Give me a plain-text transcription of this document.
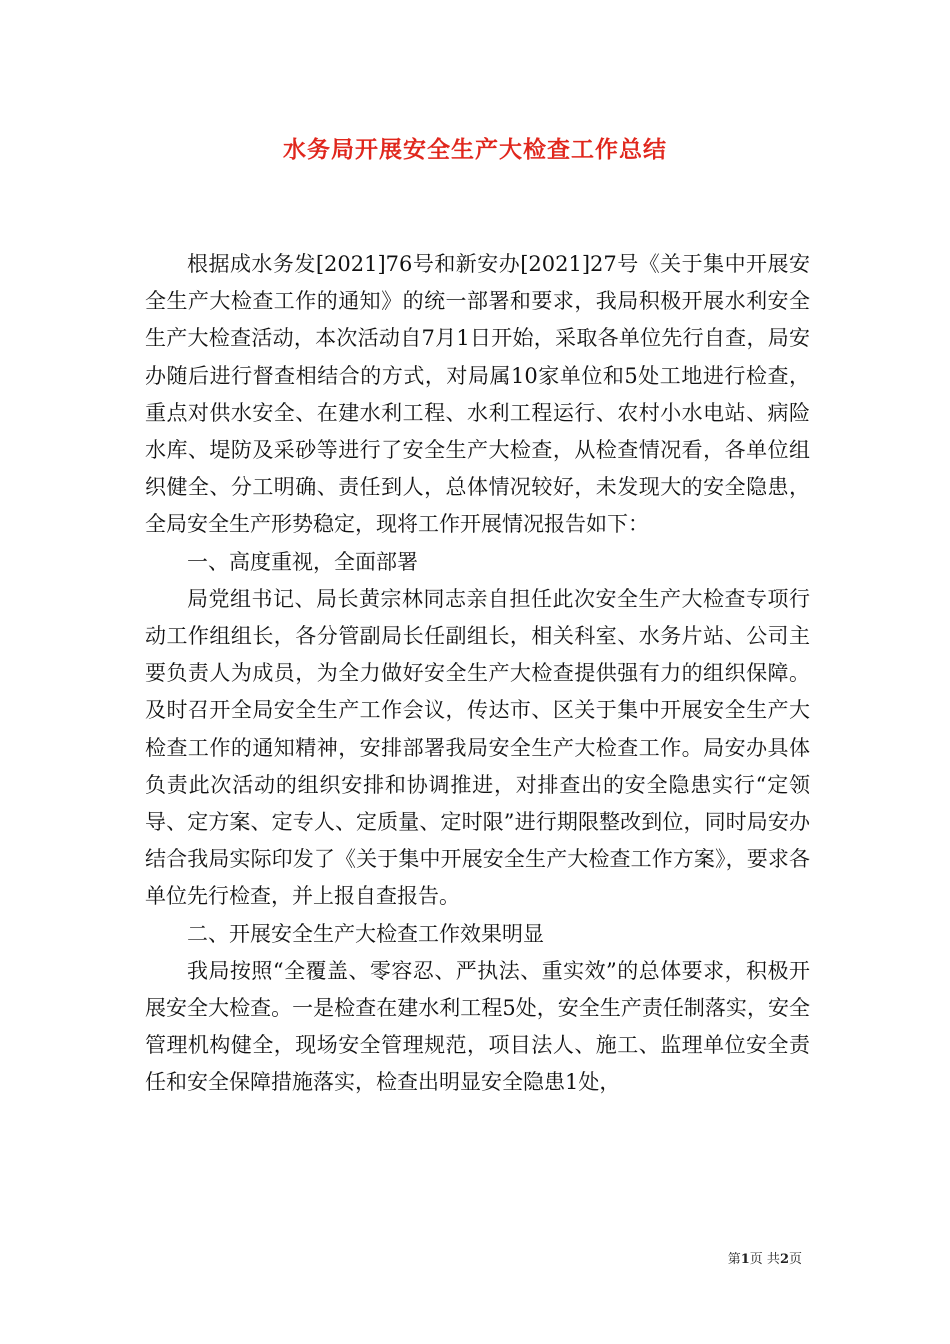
水务局开展安全生产大检查工作总结

根据成水务发[2021]76号和新安办[2021]27号《关于集中开展安全生产大检查工作的通知》的统一部署和要求，我局积极开展水利安全生产大检查活动，本次活动自7月1日开始，采取各单位先行自查，局安办随后进行督查相结合的方式，对局属10家单位和5处工地进行检查，重点对供水安全、在建水利工程、水利工程运行、农村小水电站、病险水库、堤防及采砂等进行了安全生产大检查，从检查情况看，各单位组织健全、分工明确、责任到人，总体情况较好，未发现大的安全隐患，全局安全生产形势稳定，现将工作开展情况报告如下：

一、高度重视，全面部署

局党组书记、局长黄宗林同志亲自担任此次安全生产大检查专项行动工作组组长，各分管副局长任副组长，相关科室、水务片站、公司主要负责人为成员，为全力做好安全生产大检查提供强有力的组织保障。及时召开全局安全生产工作会议，传达市、区关于集中开展安全生产大检查工作的通知精神，安排部署我局安全生产大检查工作。局安办具体负责此次活动的组织安排和协调推进，对排查出的安全隐患实行“定领导、定方案、定专人、定质量、定时限”进行期限整改到位，同时局安办结合我局实际印发了《关于集中开展安全生产大检查工作方案》，要求各单位先行检查，并上报自查报告。

二、开展安全生产大检查工作效果明显

我局按照“全覆盖、零容忍、严执法、重实效”的总体要求，积极开展安全大检查。一是检查在建水利工程5处，安全生产责任制落实，安全管理机构健全，现场安全管理规范，项目法人、施工、监理单位安全责任和安全保障措施落实，检查出明显安全隐患1处，

第1页 共2页
